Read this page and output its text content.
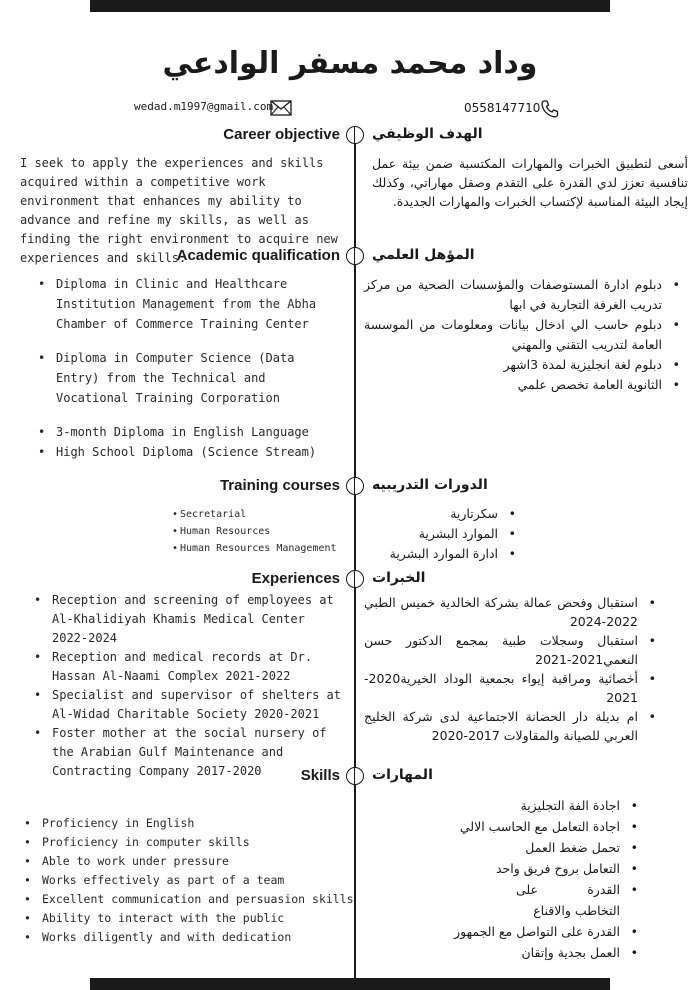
وداد محمد مسفر الوادعي
wedad.m1997@gmail.com	0558147710
Career objective الهدف الوظيفي
I seek to apply the experiences and skills acquired within a competitive work environment that enhances my ability to advance and refine my skills, as well as finding the right environment to acquire new experiences and skills.
أسعى لتطبيق الخبرات والمهارات المكتسبة ضمن بيئة عمل تنافسية تعزز لدي القدرة على التقدم وصقل مهاراتي، وكذلك إيجاد البيئة المناسبة لإكتساب الخبرات والمهارات الجديدة.
Academic qualification المؤهل العلمي
• Diploma in Clinic and Healthcare Institution Management from the Abha Chamber of Commerce Training Center
• Diploma in Computer Science (Data Entry) from the Technical and Vocational Training Corporation
• 3-month Diploma in English Language
• High School Diploma (Science Stream)
• دبلوم ادارة المستوصفات والمؤسسات الصحية من مركز تدريب الغرفة التجارية في ابها
• دبلوم حاسب الي ادخال بيانات ومعلومات من الموسسة العامة لتدريب التقني والمهني
• دبلوم لغة انجليزية لمدة 3اشهر
• الثانوية العامة تخصص علمي
Training courses الدورات التدريبيه
• Secretarial
• Human Resources
• Human Resources Management
• سكرتارية
• الموارد البشرية
• ادارة الموارد البشرية
Experiences الخبرات
• Reception and screening of employees at Al-Khalidiyah Khamis Medical Center 2022-2024
• Reception and medical records at Dr. Hassan Al-Naami Complex 2021-2022
• Specialist and supervisor of shelters at Al-Widad Charitable Society 2020-2021
• Foster mother at the social nursery of the Arabian Gulf Maintenance and Contracting Company 2017-2020
• استقبال وفحص عمالة بشركة الخالدية خميس الطبي 2022-2024
• استقبال وسجلات طبية بمجمع الدكتور حسن النعمي2021-2021
• أخصائية ومراقبة إيواء بجمعية الوداد الخيرية2020-2021
• ام بديلة دار الحضانة الاجتماعية لدى شركة الخليج العربي للصيانة والمقاولات 2017-2020
Skills المهارات
• Proficiency in English
• Proficiency in computer skills
• Able to work under pressure
• Works effectively as part of a team
• Excellent communication and persuasion skills
• Ability to interact with the public
• Works diligently and with dedication
• اجادة الفة التجليزية
• اجادة التعامل مع الحاسب الالي
• تحمل ضغط العمل
• التعامل بروح فريق واحد
• القدرة على التخاطب والاقناع
• القدرة على التواصل مع الجمهور
• العمل بجدية وإتقان
